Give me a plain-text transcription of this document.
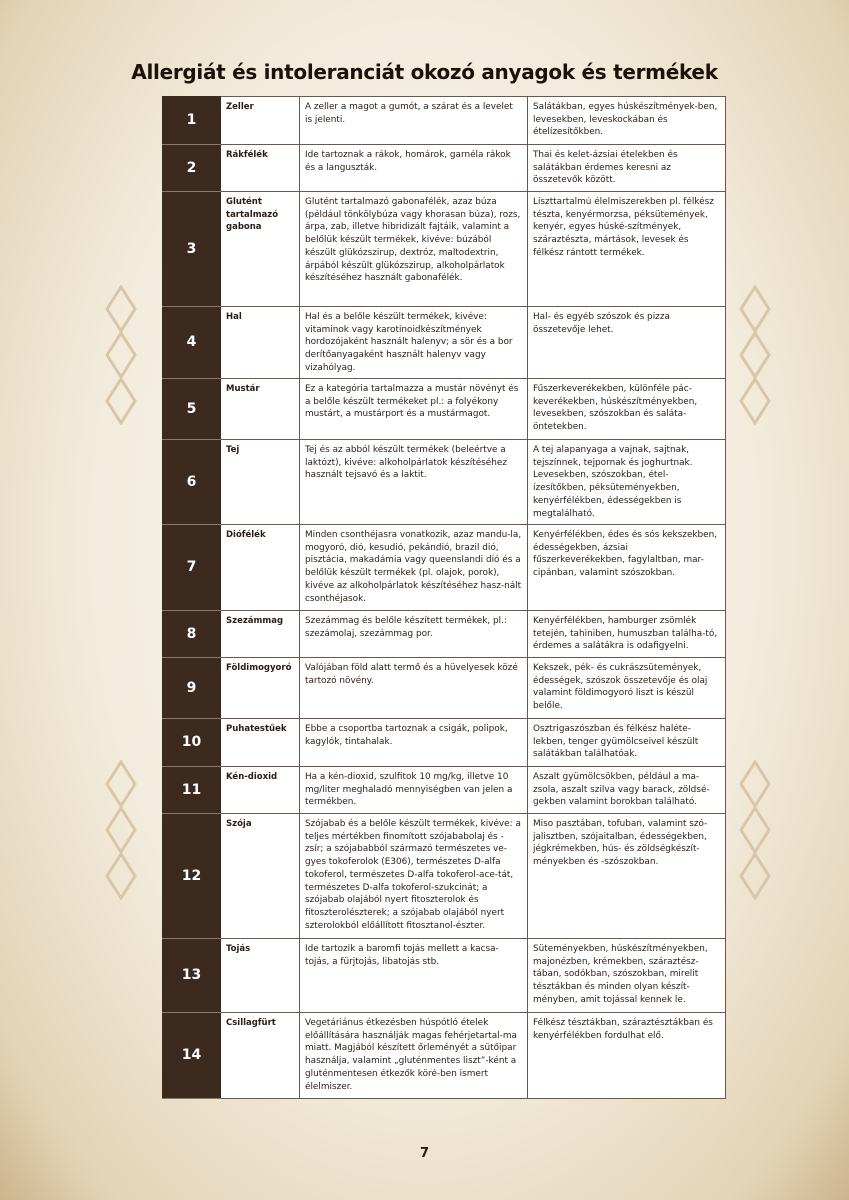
Allergiát és intoleranciát okozó anyagok és termékek
1	Zeller	A zeller a magot a gumót, a szárat és a levelet is jelenti.	Salátákban, egyes húskészítmények-ben, levesekben, leveskockában és ételízesítőkben.
2	Rákfélék	Ide tartoznak a rákok, homárok, garnéla rákok és a languszták.	Thai és kelet-ázsiai ételekben és salátákban érdemes keresni az összetevők között.
3	Glutént tartalmazó gabona	Glutént tartalmazó gabonafélék, azaz búza (például tönkölybúza vagy khorasan búza), rozs, árpa, zab, illetve hibridizált fajtáik, valamint a belőlük készült termékek, kivéve: búzából készült glükózszirup, dextróz, maltodextrin, árpából készült glükózszirup, alkoholpárlatok készítéséhez használt gabonafélék.	Liszttartalmú élelmiszerekben pl. félkész tészta, kenyérmorzsa, péksütemények, kenyér, egyes húské-szítmények, száraztészta, mártások, levesek és félkész rántott termékek.
4	Hal	Hal és a belőle készült termékek, kivéve: vitaminok vagy karotinoidkészítmények hordozójaként használt halenyv; a sör és a bor derítőanyagaként használt halenyv vagy vizahólyag.	Hal- és egyéb szószok és pizza összetevője lehet.
5	Mustár	Ez a kategória tartalmazza a mustár növényt és a belőle készült termékeket pl.: a folyékony mustárt, a mustárport és a mustármagot.	Fűszerkeverékekben, különféle pác-keverékekben, húskészítményekben, levesekben, szószokban és saláta-öntetekben.
6	Tej	Tej és az abból készült termékek (beleértve a laktózt), kivéve: alkoholpárlatok készítéséhez használt tejsavó és a laktit.	A tej alapanyaga a vajnak, sajtnak, tejszínnek, tejpornak és joghurtnak. Levesekben, szószokban, étel-ízesítőkben, péksüteményekben, kenyérfélékben, édességekben is megtalálható.
7	Diófélék	Minden csonthéjasra vonatkozik, azaz mandu-la, mogyoró, dió, kesudió, pekándió, brazil dió, pisztácia, makadámia vagy queenslandi dió és a belőlük készült termékek (pl. olajok, porok), kivéve az alkoholpárlatok készítéséhez hasz-nált csonthéjasok.	Kenyérfélékben, édes és sós kekszekben, édességekben, ázsiai fűszerkeverékekben, fagylaltban, mar-cipánban, valamint szószokban.
8	Szezámmag	Szezámmag és belőle készített termékek, pl.: szezámolaj, szezámmag por.	Kenyérfélékben, hamburger zsömlék tetején, tahiniben, humuszban találha-tó, érdemes a salátákra is odafigyelni.
9	Földimogyoró	Valójában föld alatt termő és a hüvelyesek közé tartozó növény.	Kekszek, pék- és cukrászsütemények, édességek, szószok összetevője és olaj valamint földimogyoró liszt is készül belőle.
10	Puhatestűek	Ebbe a csoportba tartoznak a csigák, polipok, kagylók, tintahalak.	Osztrigaszószban és félkész haléte-lekben, tenger gyümölcseivel készült salátákban találhatóak.
11	Kén-dioxid	Ha a kén-dioxid, szulfitok 10 mg/kg, illetve 10 mg/liter meghaladó mennyiségben van jelen a termékben.	Aszalt gyümölcsökben, például a ma-zsola, aszalt szilva vagy barack, zöldsé-gekben valamint borokban található.
12	Szója	Szójabab és a belőle készült termékek, kivéve: a teljes mértékben finomított szójababolaj és -zsír; a szójababból származó természetes ve-gyes tokoferolok (E306), természetes D-alfa tokoferol, természetes D-alfa tokoferol-ace-tát, természetes D-alfa tokoferol-szukcinát; a szójabab olajából nyert fitoszterolok és fitoszterolészterek; a szójabab olajából nyert szterolokból előállított fitosztanol-észter.	Miso pasztában, tofuban, valamint szó-jalisztben, szójaitalban, édességekben, jégkrémekben, hús- és zöldségkészít-ményekben és -szószokban.
13	Tojás	Ide tartozik a baromfi tojás mellett a kacsa-tojás, a fürjtojás, libatojás stb.	Süteményekben, húskészítményekben, majonézben, krémekben, száraztész-tában, sodókban, szószokban, mirelit tésztákban és minden olyan készít-ményben, amit tojással kennek le.
14	Csillagfürt	Vegetáriánus étkezésben húspótló ételek előállítására használják magas fehérjetartal-ma miatt. Magjából készített őrleményét a sütőipar használja, valamint „gluténmentes liszt”-ként a gluténmentesen étkezők köré-ben ismert élelmiszer.	Félkész tésztákban, száraztésztákban és kenyérfélékben fordulhat elő.
7
